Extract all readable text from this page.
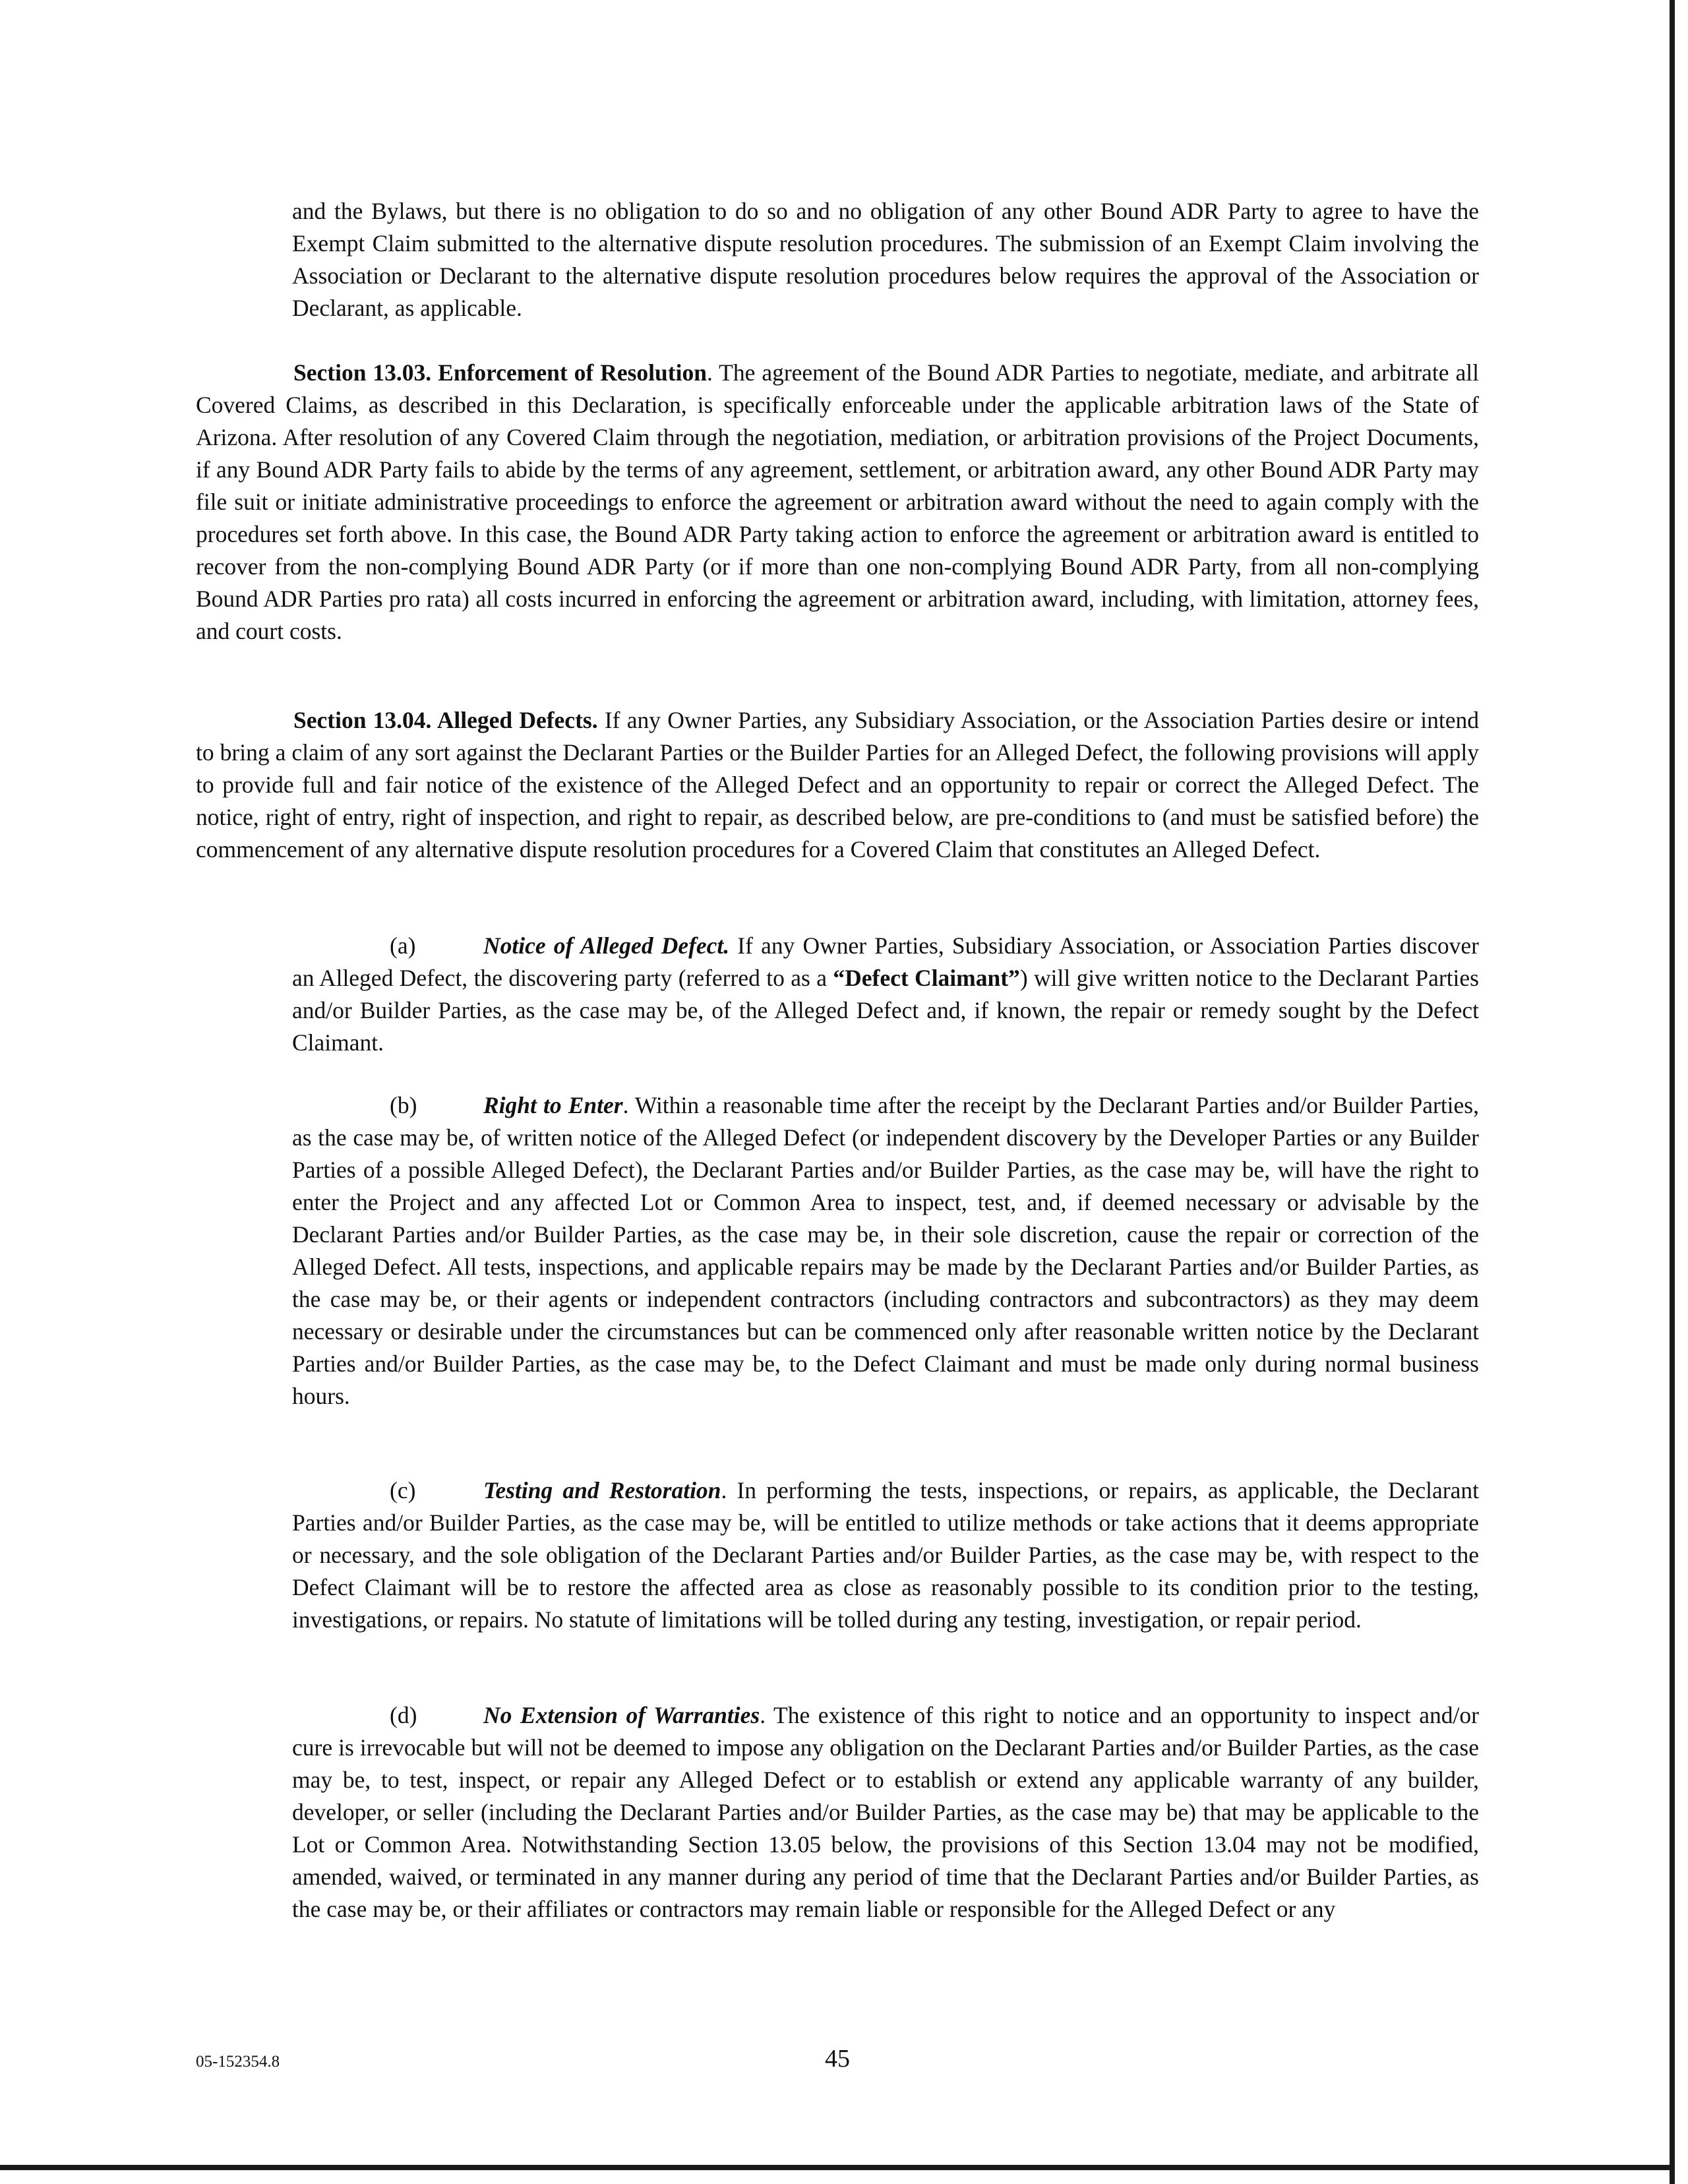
and the Bylaws, but there is no obligation to do so and no obligation of any other Bound ADR Party to agree to have the Exempt Claim submitted to the alternative dispute resolution procedures. The submission of an Exempt Claim involving the Association or Declarant to the alternative dispute resolution procedures below requires the approval of the Association or Declarant, as applicable.

Section 13.03. Enforcement of Resolution. The agreement of the Bound ADR Parties to negotiate, mediate, and arbitrate all Covered Claims, as described in this Declaration, is specifically enforceable under the applicable arbitration laws of the State of Arizona. After resolution of any Covered Claim through the negotiation, mediation, or arbitration provisions of the Project Documents, if any Bound ADR Party fails to abide by the terms of any agreement, settlement, or arbitration award, any other Bound ADR Party may file suit or initiate administrative proceedings to enforce the agreement or arbitration award without the need to again comply with the procedures set forth above. In this case, the Bound ADR Party taking action to enforce the agreement or arbitration award is entitled to recover from the non-complying Bound ADR Party (or if more than one non-complying Bound ADR Party, from all non-complying Bound ADR Parties pro rata) all costs incurred in enforcing the agreement or arbitration award, including, with limitation, attorney fees, and court costs.

Section 13.04. Alleged Defects. If any Owner Parties, any Subsidiary Association, or the Association Parties desire or intend to bring a claim of any sort against the Declarant Parties or the Builder Parties for an Alleged Defect, the following provisions will apply to provide full and fair notice of the existence of the Alleged Defect and an opportunity to repair or correct the Alleged Defect. The notice, right of entry, right of inspection, and right to repair, as described below, are pre-conditions to (and must be satisfied before) the commencement of any alternative dispute resolution procedures for a Covered Claim that constitutes an Alleged Defect.

(a)	Notice of Alleged Defect. If any Owner Parties, Subsidiary Association, or Association Parties discover an Alleged Defect, the discovering party (referred to as a “Defect Claimant”) will give written notice to the Declarant Parties and/or Builder Parties, as the case may be, of the Alleged Defect and, if known, the repair or remedy sought by the Defect Claimant.

(b)	Right to Enter. Within a reasonable time after the receipt by the Declarant Parties and/or Builder Parties, as the case may be, of written notice of the Alleged Defect (or independent discovery by the Developer Parties or any Builder Parties of a possible Alleged Defect), the Declarant Parties and/or Builder Parties, as the case may be, will have the right to enter the Project and any affected Lot or Common Area to inspect, test, and, if deemed necessary or advisable by the Declarant Parties and/or Builder Parties, as the case may be, in their sole discretion, cause the repair or correction of the Alleged Defect. All tests, inspections, and applicable repairs may be made by the Declarant Parties and/or Builder Parties, as the case may be, or their agents or independent contractors (including contractors and subcontractors) as they may deem necessary or desirable under the circumstances but can be commenced only after reasonable written notice by the Declarant Parties and/or Builder Parties, as the case may be, to the Defect Claimant and must be made only during normal business hours.

(c)	Testing and Restoration. In performing the tests, inspections, or repairs, as applicable, the Declarant Parties and/or Builder Parties, as the case may be, will be entitled to utilize methods or take actions that it deems appropriate or necessary, and the sole obligation of the Declarant Parties and/or Builder Parties, as the case may be, with respect to the Defect Claimant will be to restore the affected area as close as reasonably possible to its condition prior to the testing, investigations, or repairs. No statute of limitations will be tolled during any testing, investigation, or repair period.

(d)	No Extension of Warranties. The existence of this right to notice and an opportunity to inspect and/or cure is irrevocable but will not be deemed to impose any obligation on the Declarant Parties and/or Builder Parties, as the case may be, to test, inspect, or repair any Alleged Defect or to establish or extend any applicable warranty of any builder, developer, or seller (including the Declarant Parties and/or Builder Parties, as the case may be) that may be applicable to the Lot or Common Area. Notwithstanding Section 13.05 below, the provisions of this Section 13.04 may not be modified, amended, waived, or terminated in any manner during any period of time that the Declarant Parties and/or Builder Parties, as the case may be, or their affiliates or contractors may remain liable or responsible for the Alleged Defect or any

05-152354.8	45
